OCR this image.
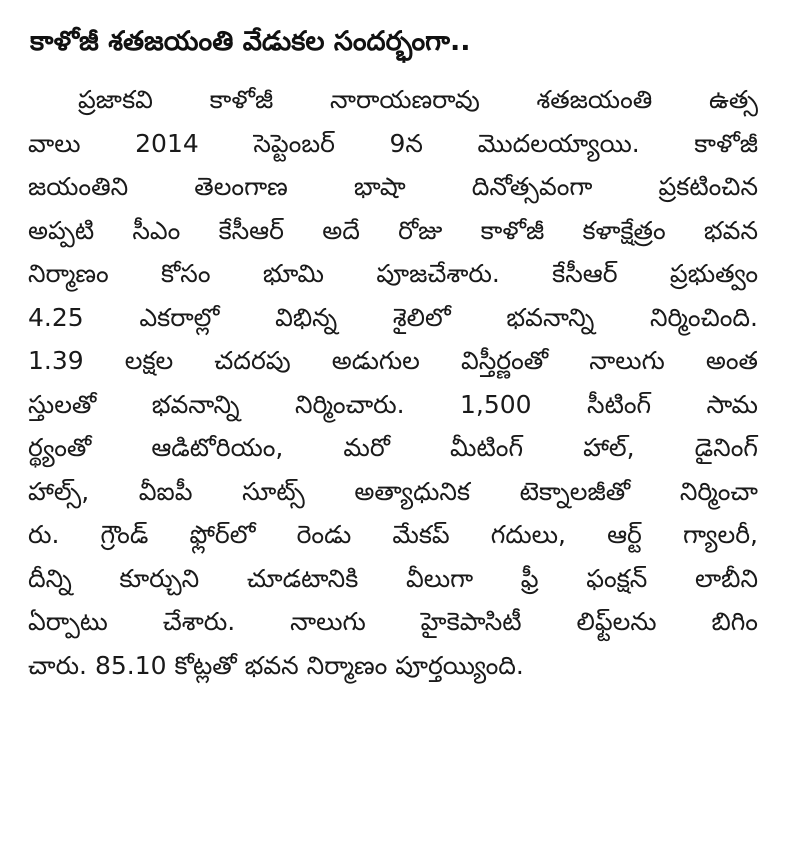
కాళోజీ శతజయంతి వేడుకల సందర్భంగా..
ప్రజాకవి కాళోజీ నారాయణరావు శతజయంతి ఉత్స
వాలు 2014 సెప్టెంబర్ 9న మొదలయ్యాయి. కాళోజీ
జయంతిని తెలంగాణ భాషా దినోత్సవంగా ప్రకటించిన
అప్పటి సీఎం కేసీఆర్ అదే రోజు కాళోజీ కళాక్షేత్రం భవన
నిర్మాణం కోసం భూమి పూజచేశారు. కేసీఆర్ ప్రభుత్వం
4.25 ఎకరాల్లో విభిన్న శైలిలో భవనాన్ని నిర్మించింది.
1.39 లక్షల చదరపు అడుగుల విస్తీర్ణంతో నాలుగు అంత
స్తులతో భవనాన్ని నిర్మించారు. 1,500 సీటింగ్ సామ
ర్థ్యంతో ఆడిటోరియం, మరో మీటింగ్ హాల్, డైనింగ్
హాల్స్, వీఐపీ సూట్స్ అత్యాధునిక టెక్నాలజీతో నిర్మించా
రు. గ్రౌండ్ ఫ్లోర్‌లో రెండు మేకప్ గదులు, ఆర్ట్ గ్యాలరీ,
దీన్ని కూర్చుని చూడటానికి వీలుగా ఫ్రీ ఫంక్షన్ లాబీని
ఏర్పాటు చేశారు. నాలుగు హైకెపాసిటీ లిఫ్ట్‌లను బిగిం
చారు. 85.10 కోట్లతో భవన నిర్మాణం పూర్తయ్యింది.
